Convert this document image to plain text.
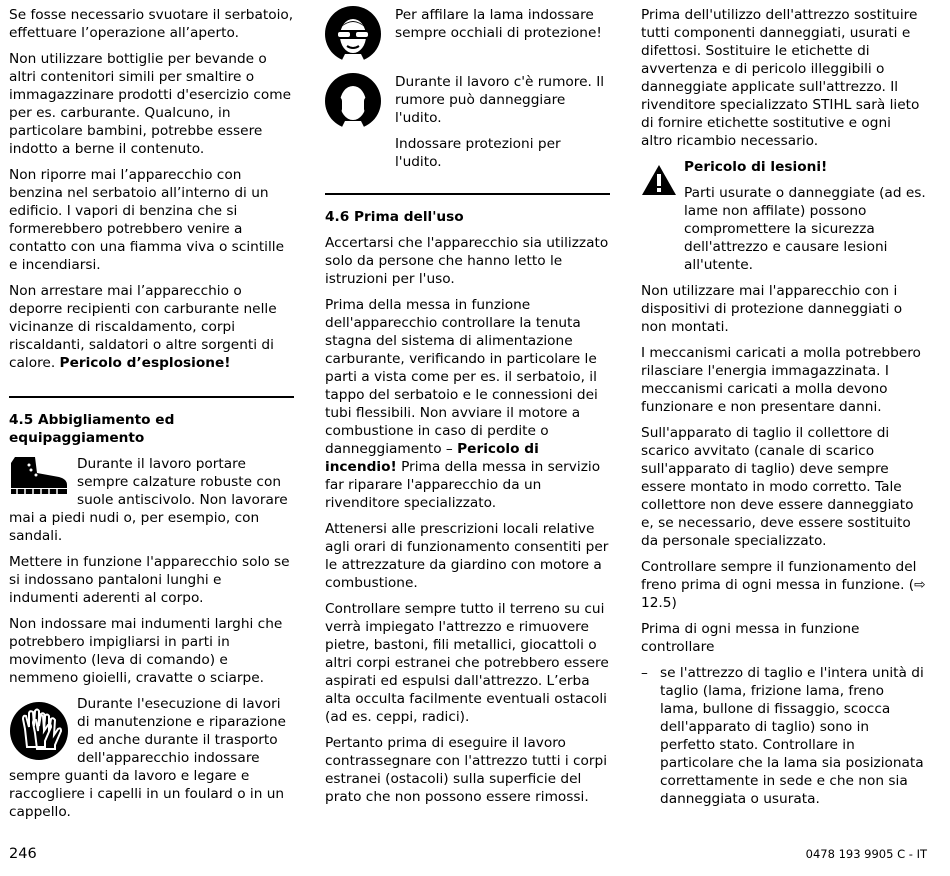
Se fosse necessario svuotare il serbatoio, effettuare l’operazione all’aperto.

Non utilizzare bottiglie per bevande o altri contenitori simili per smaltire o immagazzinare prodotti d'esercizio come per es. carburante. Qualcuno, in particolare bambini, potrebbe essere indotto a berne il contenuto.

Non riporre mai l’apparecchio con benzina nel serbatoio all’interno di un edificio. I vapori di benzina che si formerebbero potrebbero venire a contatto con una fiamma viva o scintille e incendiarsi.

Non arrestare mai l’apparecchio o deporre recipienti con carburante nelle vicinanze di riscaldamento, corpi riscaldanti, saldatori o altre sorgenti di calore. Pericolo d’esplosione!

4.5 Abbigliamento ed equipaggiamento

Durante il lavoro portare sempre calzature robuste con suole antiscivolo. Non lavorare mai a piedi nudi o, per esempio, con sandali.

Mettere in funzione l'apparecchio solo se si indossano pantaloni lunghi e indumenti aderenti al corpo.

Non indossare mai indumenti larghi che potrebbero impigliarsi in parti in movimento (leva di comando) e nemmeno gioielli, cravatte o sciarpe.

Durante l'esecuzione di lavori di manutenzione e riparazione ed anche durante il trasporto dell'apparecchio indossare sempre guanti da lavoro e legare e raccogliere i capelli in un foulard o in un cappello.

Per affilare la lama indossare sempre occhiali di protezione!

Durante il lavoro c'è rumore. Il rumore può danneggiare l'udito.

Indossare protezioni per l'udito.

4.6 Prima dell'uso

Accertarsi che l'apparecchio sia utilizzato solo da persone che hanno letto le istruzioni per l'uso.

Prima della messa in funzione dell'apparecchio controllare la tenuta stagna del sistema di alimentazione carburante, verificando in particolare le parti a vista come per es. il serbatoio, il tappo del serbatoio e le connessioni dei tubi flessibili. Non avviare il motore a combustione in caso di perdite o danneggiamento – Pericolo di incendio! Prima della messa in servizio far riparare l'apparecchio da un rivenditore specializzato.

Attenersi alle prescrizioni locali relative agli orari di funzionamento consentiti per le attrezzature da giardino con motore a combustione.

Controllare sempre tutto il terreno su cui verrà impiegato l'attrezzo e rimuovere pietre, bastoni, fili metallici, giocattoli o altri corpi estranei che potrebbero essere aspirati ed espulsi dall'attrezzo. L’erba alta occulta facilmente eventuali ostacoli (ad es. ceppi, radici).

Pertanto prima di eseguire il lavoro contrassegnare con l'attrezzo tutti i corpi estranei (ostacoli) sulla superficie del prato che non possono essere rimossi.

Prima dell'utilizzo dell'attrezzo sostituire tutti componenti danneggiati, usurati e difettosi. Sostituire le etichette di avvertenza e di pericolo illeggibili o danneggiate applicate sull'attrezzo. Il rivenditore specializzato STIHL sarà lieto di fornire etichette sostitutive e ogni altro ricambio necessario.

Pericolo di lesioni!

Parti usurate o danneggiate (ad es. lame non affilate) possono compromettere la sicurezza dell'attrezzo e causare lesioni all'utente.

Non utilizzare mai l'apparecchio con i dispositivi di protezione danneggiati o non montati.

I meccanismi caricati a molla potrebbero rilasciare l'energia immagazzinata. I meccanismi caricati a molla devono funzionare e non presentare danni.

Sull'apparato di taglio il collettore di scarico avvitato (canale di scarico sull'apparato di taglio) deve sempre essere montato in modo corretto. Tale collettore non deve essere danneggiato e, se necessario, deve essere sostituito da personale specializzato.

Controllare sempre il funzionamento del freno prima di ogni messa in funzione. (⇨ 12.5)

Prima di ogni messa in funzione controllare

– se l'attrezzo di taglio e l'intera unità di taglio (lama, frizione lama, freno lama, bullone di fissaggio, scocca dell'apparato di taglio) sono in perfetto stato. Controllare in particolare che la lama sia posizionata correttamente in sede e che non sia danneggiata o usurata.

246	0478 193 9905 C - IT
